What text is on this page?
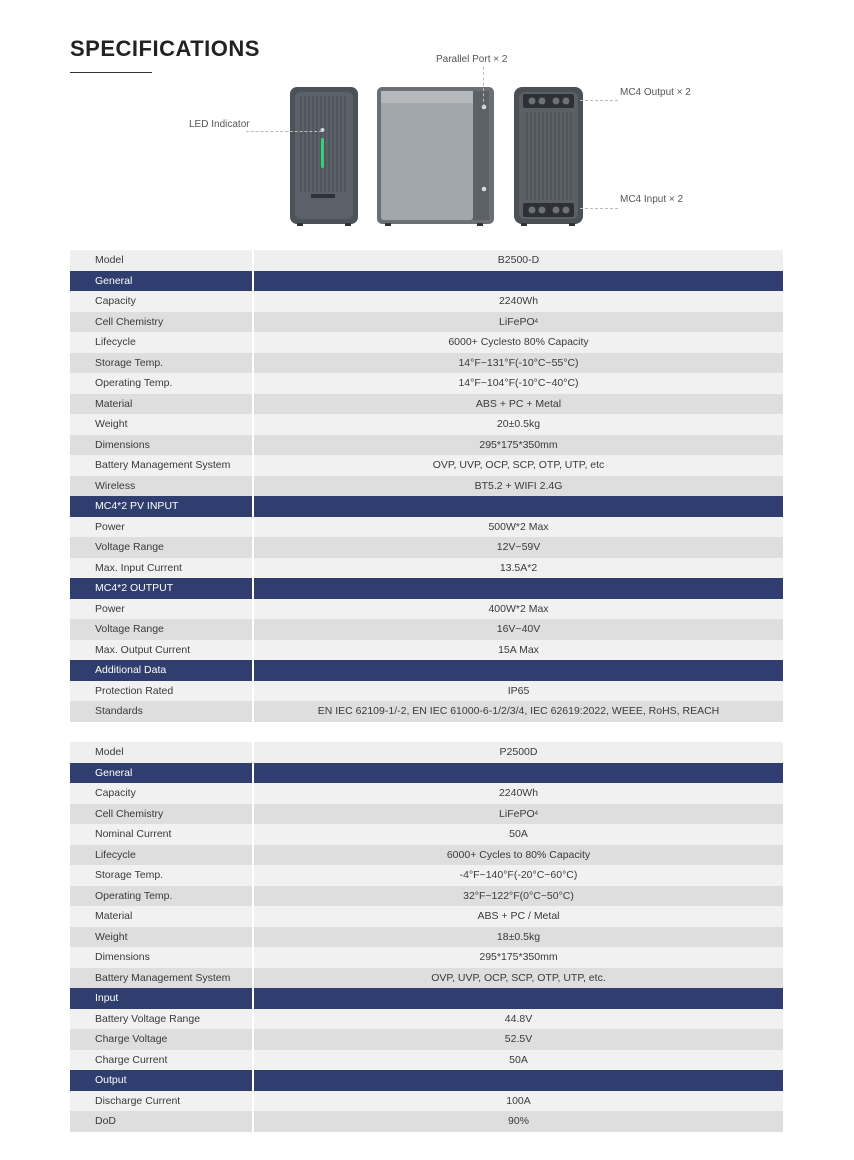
SPECIFICATIONS
LED Indicator
Parallel Port × 2
MC4 Output × 2
MC4 Input × 2
Model	B2500-D
General
Capacity	2240Wh
Cell Chemistry	LiFePO 4
Lifecycle	6000+ Cyclesto 80% Capacity
Storage Temp.	14°F~131°F(-10°C~55°C)
Operating Temp.	14°F~104°F(-10°C~40°C)
Material	ABS + PC + Metal
Weight	20±0.5kg
Dimensions	295*175*350mm
Battery Management System	OVP, UVP, OCP, SCP, OTP, UTP, etc
Wireless	BT5.2 + WIFI 2.4G
MC4*2 PV INPUT
Power	500W*2 Max
Voltage Range	12V~59V
Max. Input Current	13.5A*2
MC4*2 OUTPUT
Power	400W*2 Max
Voltage Range	16V~40V
Max. Output Current	15A Max
Additional Data
Protection Rated	IP65
Standards	EN IEC 62109-1/-2, EN IEC 61000-6-1/2/3/4, IEC 62619:2022, WEEE, RoHS, REACH
Model	P2500D
General
Capacity	2240Wh
Cell Chemistry	LiFePO 4
Nominal Current	50A
Lifecycle	6000+ Cycles to 80% Capacity
Storage Temp.	-4°F~140°F(-20°C~60°C)
Operating Temp.	32°F~122°F(0°C~50°C)
Material	ABS + PC / Metal
Weight	18±0.5kg
Dimensions	295*175*350mm
Battery Management System	OVP, UVP, OCP, SCP, OTP, UTP, etc.
Input
Battery Voltage Range	44.8V
Charge Voltage	52.5V
Charge Current	50A
Output
Discharge Current	100A
DoD	90%
